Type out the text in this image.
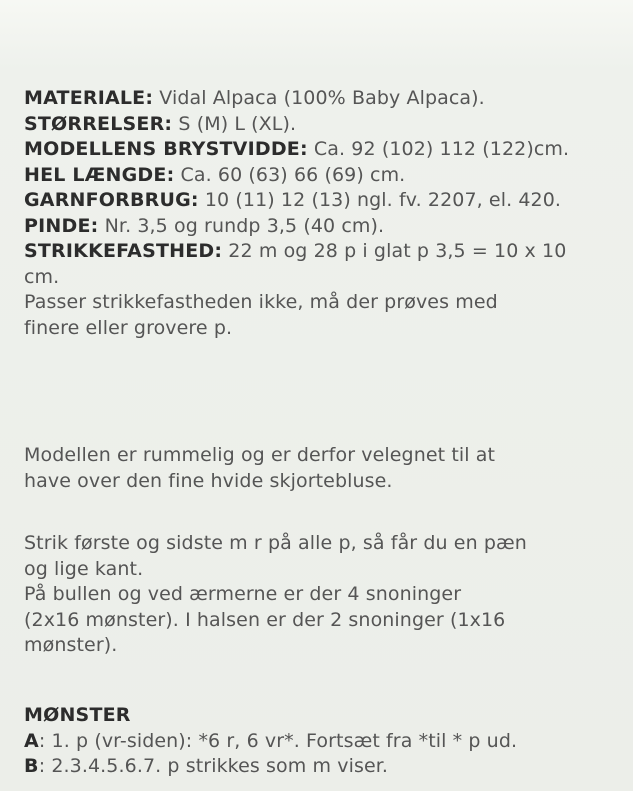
MATERIALE: Vidal Alpaca (100% Baby Alpaca).
STØRRELSER: S (M) L (XL).
MODELLENS BRYSTVIDDE: Ca. 92 (102) 112 (122)cm.
HEL LÆNGDE: Ca. 60 (63) 66 (69) cm.
GARNFORBRUG: 10 (11) 12 (13) ngl. fv. 2207, el. 420.
PINDE: Nr. 3,5 og rundp 3,5 (40 cm).
STRIKKEFASTHED: 22 m og 28 p i glat p 3,5 = 10 x 10
cm.
Passer strikkefastheden ikke, må der prøves med
finere eller grovere p.
Modellen er rummelig og er derfor velegnet til at
have over den fine hvide skjortebluse.
Strik første og sidste m r på alle p, så får du en pæn
og lige kant.
På bullen og ved ærmerne er der 4 snoninger
(2x16 mønster). I halsen er der 2 snoninger (1x16
mønster).
MØNSTER
A: 1. p (vr-siden): *6 r, 6 vr*. Fortsæt fra *til * p ud.
B: 2.3.4.5.6.7. p strikkes som m viser.
